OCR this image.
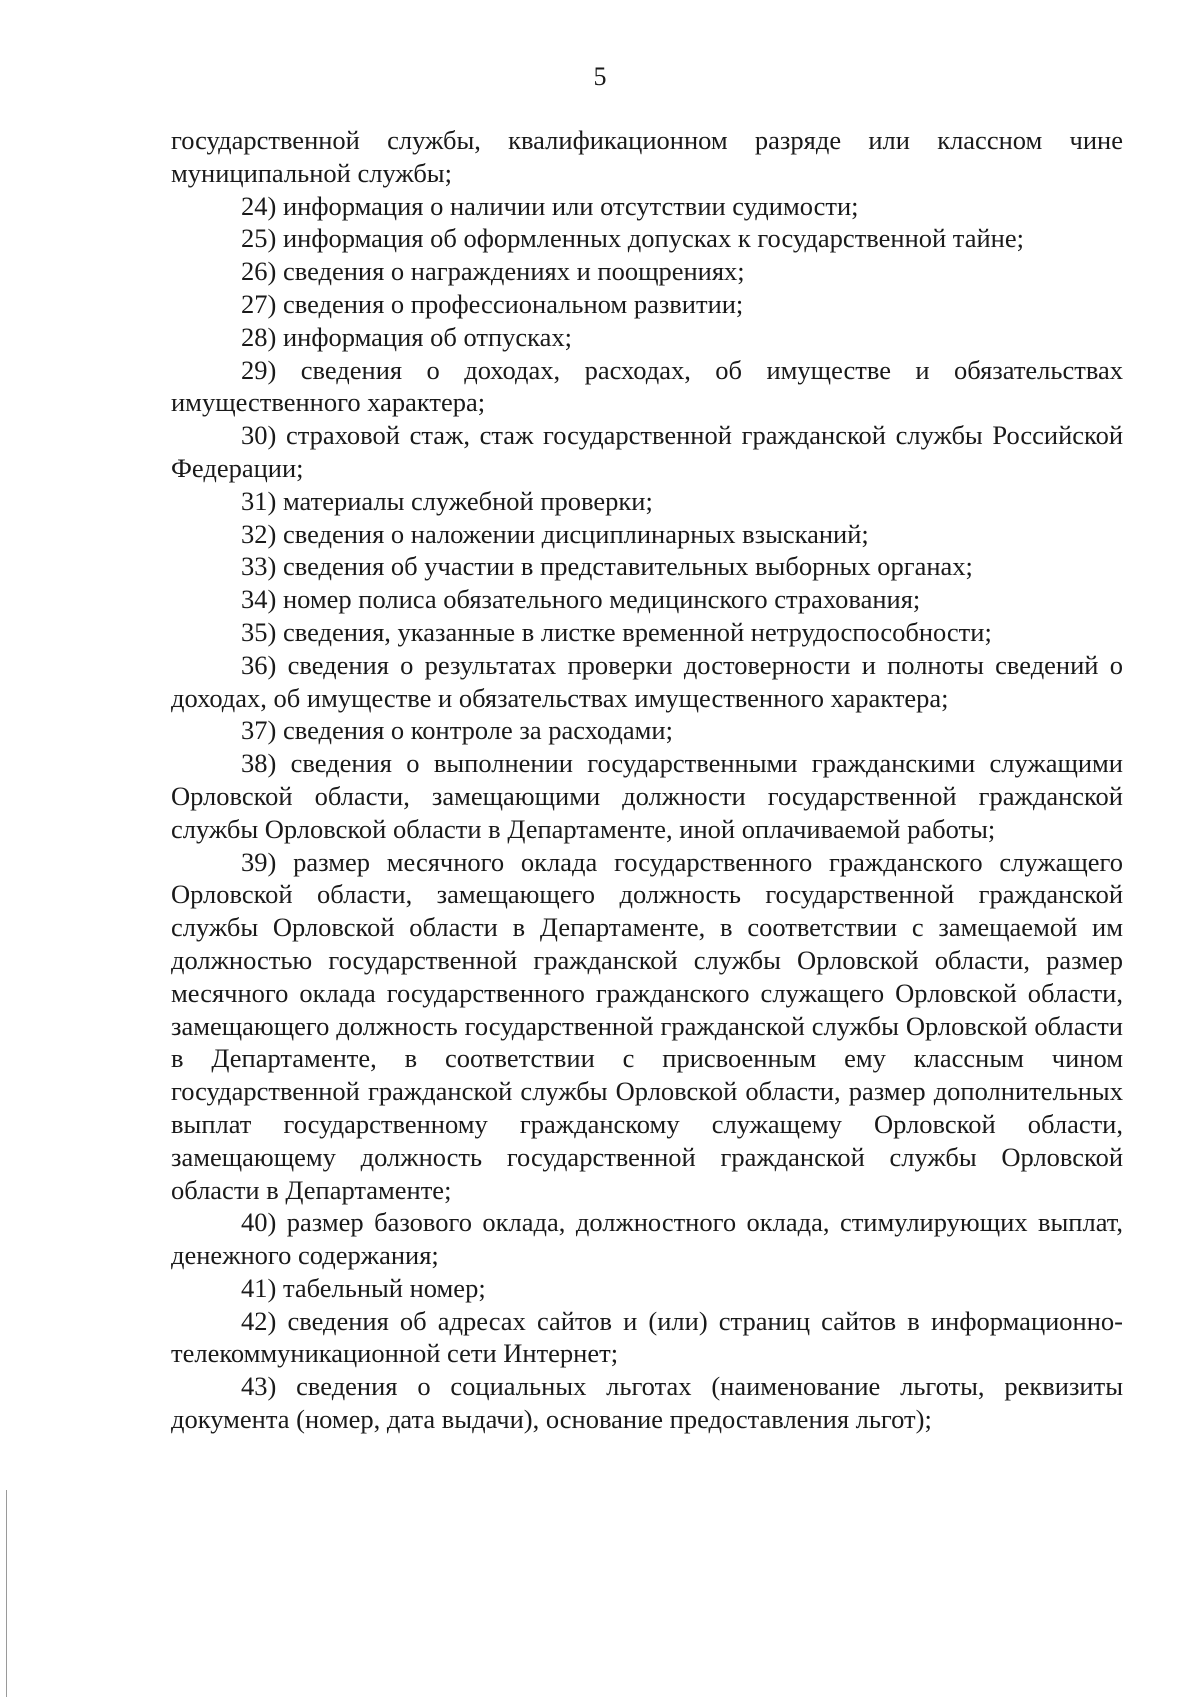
5

государственной службы, квалификационном разряде или классном чине муниципальной службы;

24) информация о наличии или отсутствии судимости;

25) информация об оформленных допусках к государственной тайне;

26) сведения о награждениях и поощрениях;

27) сведения о профессиональном развитии;

28) информация об отпусках;

29) сведения о доходах, расходах, об имуществе и обязательствах имущественного характера;

30) страховой стаж, стаж государственной гражданской службы Российской Федерации;

31) материалы служебной проверки;

32) сведения о наложении дисциплинарных взысканий;

33) сведения об участии в представительных выборных органах;

34) номер полиса обязательного медицинского страхования;

35) сведения, указанные в листке временной нетрудоспособности;

36) сведения о результатах проверки достоверности и полноты сведений о доходах, об имуществе и обязательствах имущественного характера;

37) сведения о контроле за расходами;

38) сведения о выполнении государственными гражданскими служащими Орловской области, замещающими должности государственной гражданской службы Орловской области в Департаменте, иной оплачиваемой работы;

39) размер месячного оклада государственного гражданского служащего Орловской области, замещающего должность государственной гражданской службы Орловской области в Департаменте, в соответствии с замещаемой им должностью государственной гражданской службы Орловской области, размер месячного оклада государственного гражданского служащего Орловской области, замещающего должность государственной гражданской службы Орловской области в Департаменте, в соответствии с присвоенным ему классным чином государственной гражданской службы Орловской области, размер дополнительных выплат государственному гражданскому служащему Орловской области, замещающему должность государственной гражданской службы Орловской области в Департаменте;

40) размер базового оклада, должностного оклада, стимулирующих выплат, денежного содержания;

41) табельный номер;

42) сведения об адресах сайтов и (или) страниц сайтов в информационно-телекоммуникационной сети Интернет;

43) сведения о социальных льготах (наименование льготы, реквизиты документа (номер, дата выдачи), основание предоставления льгот);
